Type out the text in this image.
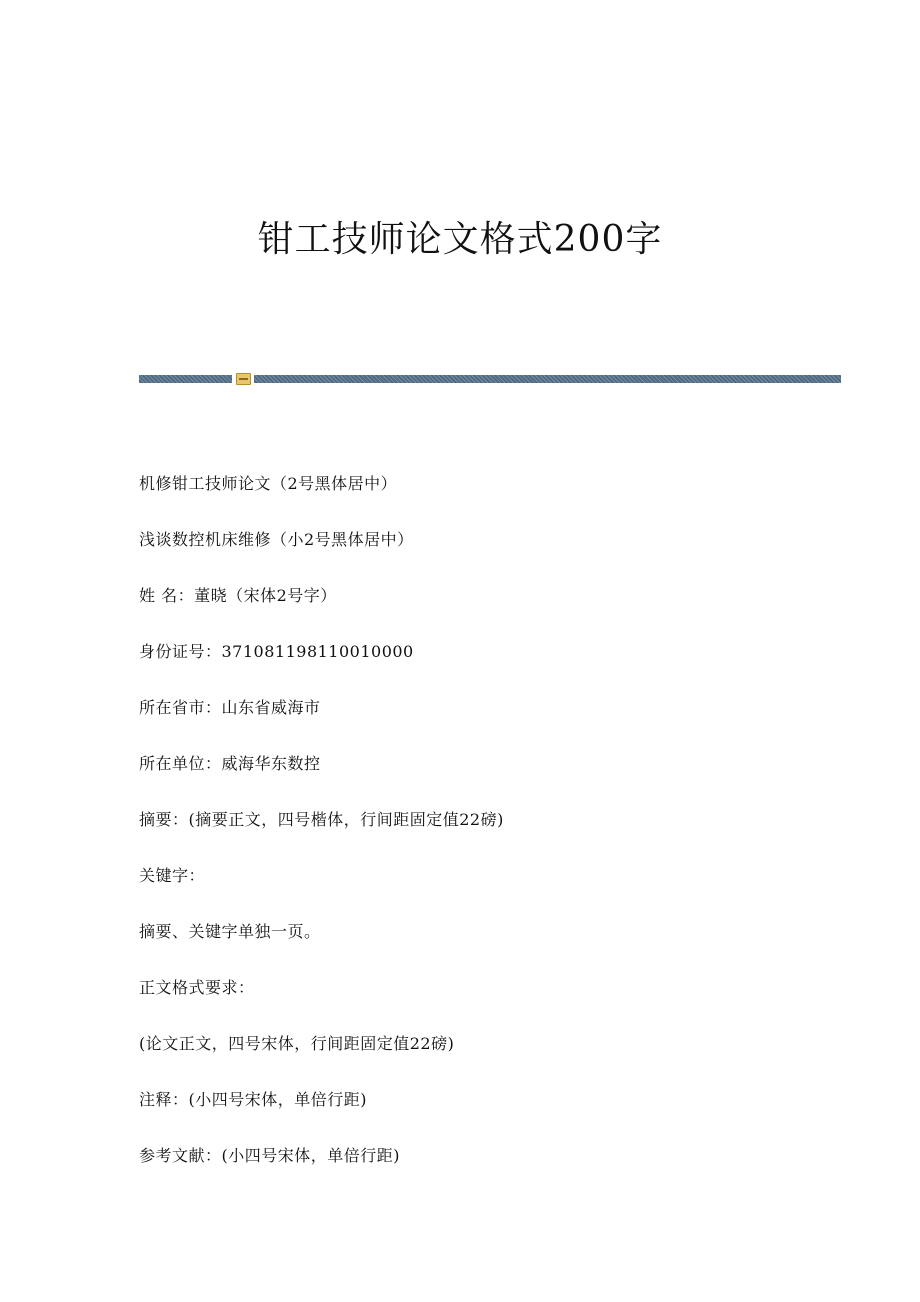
钳工技师论文格式200字

机修钳工技师论文（2号黑体居中）

浅谈数控机床维修（小2号黑体居中）

姓 名：董晓（宋体2号字）

身份证号：371081198110010000

所在省市：山东省威海市

所在单位：威海华东数控

摘要：(摘要正文，四号楷体，行间距固定值22磅)

关键字：

摘要、关键字单独一页。

正文格式要求：

(论文正文，四号宋体，行间距固定值22磅)

注释：(小四号宋体，单倍行距)

参考文献：(小四号宋体，单倍行距)
